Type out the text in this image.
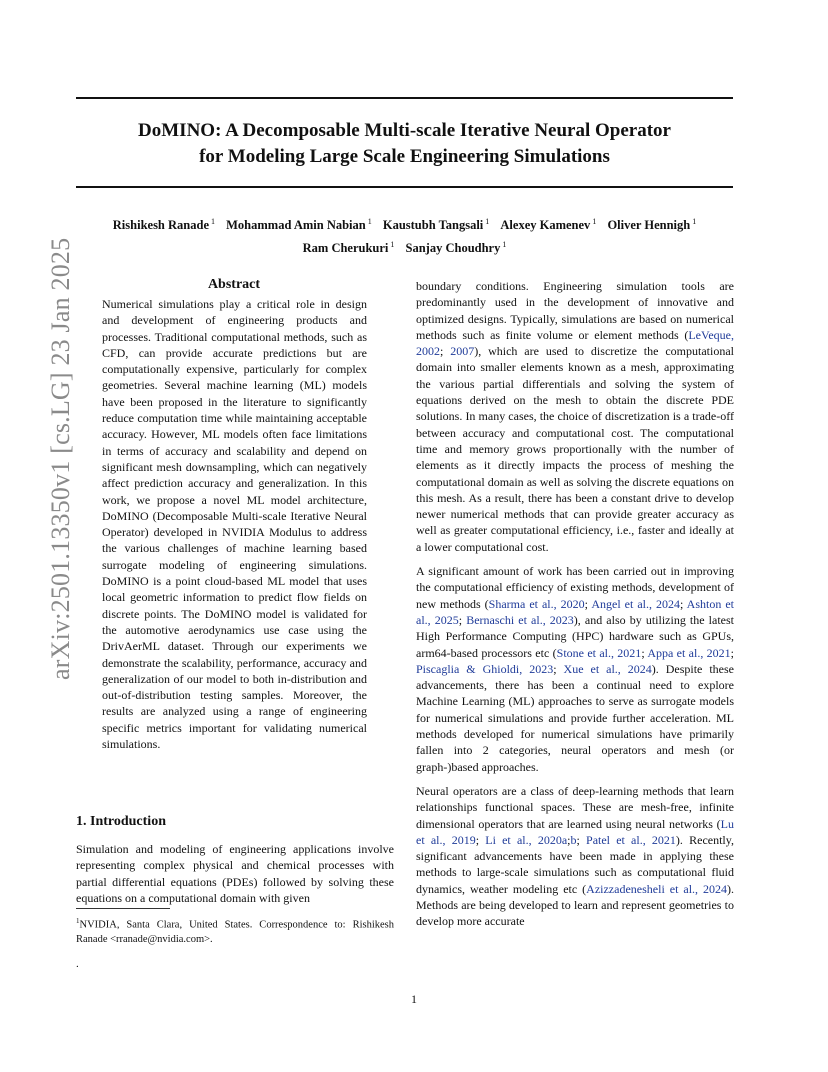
DoMINO: A Decomposable Multi-scale Iterative Neural Operator
for Modeling Large Scale Engineering Simulations
Rishikesh Ranade $^1$ Mohammad Amin Nabian $^1$ Kaustubh Tangsali $^1$ Alexey Kamenev $^1$ Oliver Hennigh $^1$
Ram Cherukuri $^1$ Sanjay Choudhry $^1$
arXiv:2501.13350v1 [cs.LG] 23 Jan 2025	Abstract
Numerical simulations play a critical role in design and development of engineering products and processes. Traditional computational methods, such as CFD, can provide accurate predictions but are computationally expensive, particularly for complex geometries. Several machine learning (ML) models have been proposed in the literature to significantly reduce computation time while maintaining acceptable accuracy. However, ML models often face limitations in terms of accuracy and scalability and depend on significant mesh downsampling, which can negatively affect prediction accuracy and generalization. In this work, we propose a novel ML model architecture, DoMINO (Decomposable Multi-scale Iterative Neural Operator) developed in NVIDIA Modulus to address the various challenges of machine learning based surrogate modeling of engineering simulations. DoMINO is a point cloud-based ML model that uses local geometric information to predict flow fields on discrete points. The DoMINO model is validated for the automotive aerodynamics use case using the DrivAerML dataset. Through our experiments we demonstrate the scalability, performance, accuracy and generalization of our model to both in-distribution and out-of-distribution testing samples. Moreover, the results are analyzed using a range of engineering specific metrics important for validating numerical simulations.
1. Introduction
Simulation and modeling of engineering applications involve representing complex physical and chemical processes with partial differential equations (PDEs) followed by solving these equations on a computational domain with given
$^1$NVIDIA, Santa Clara, United States. Correspondence to: Rishikesh Ranade <rranade@nvidia.com>.
.

boundary conditions. Engineering simulation tools are predominantly used in the development of innovative and optimized designs. Typically, simulations are based on numerical methods such as finite volume or element methods (LeVeque, 2002; 2007), which are used to discretize the computational domain into smaller elements known as a mesh, approximating the various partial differentials and solving the system of equations derived on the mesh to obtain the discrete PDE solutions. In many cases, the choice of discretization is a trade-off between accuracy and computational cost. The computational time and memory grows proportionally with the number of elements as it directly impacts the process of meshing the computational domain as well as solving the discrete equations on this mesh. As a result, there has been a constant drive to develop newer numerical methods that can provide greater accuracy as well as greater computational efficiency, i.e., faster and ideally at a lower computational cost.

A significant amount of work has been carried out in improving the computational efficiency of existing methods, development of new methods (Sharma et al., 2020; Angel et al., 2024; Ashton et al., 2025; Bernaschi et al., 2023), and also by utilizing the latest High Performance Computing (HPC) hardware such as GPUs, arm64-based processors etc (Stone et al., 2021; Appa et al., 2021; Piscaglia & Ghioldi, 2023; Xue et al., 2024). Despite these advancements, there has been a continual need to explore Machine Learning (ML) approaches to serve as surrogate models for numerical simulations and provide further acceleration. ML methods developed for numerical simulations have primarily fallen into 2 categories, neural operators and mesh (or graph-)based approaches.

Neural operators are a class of deep-learning methods that learn relationships functional spaces. These are mesh-free, infinite dimensional operators that are learned using neural networks (Lu et al., 2019; Li et al., 2020a;b; Patel et al., 2021). Recently, significant advancements have been made in applying these methods to large-scale simulations such as computational fluid dynamics, weather modeling etc (Azizzadenesheli et al., 2024). Methods are being developed to learn and represent geometries to develop more accurate

1
